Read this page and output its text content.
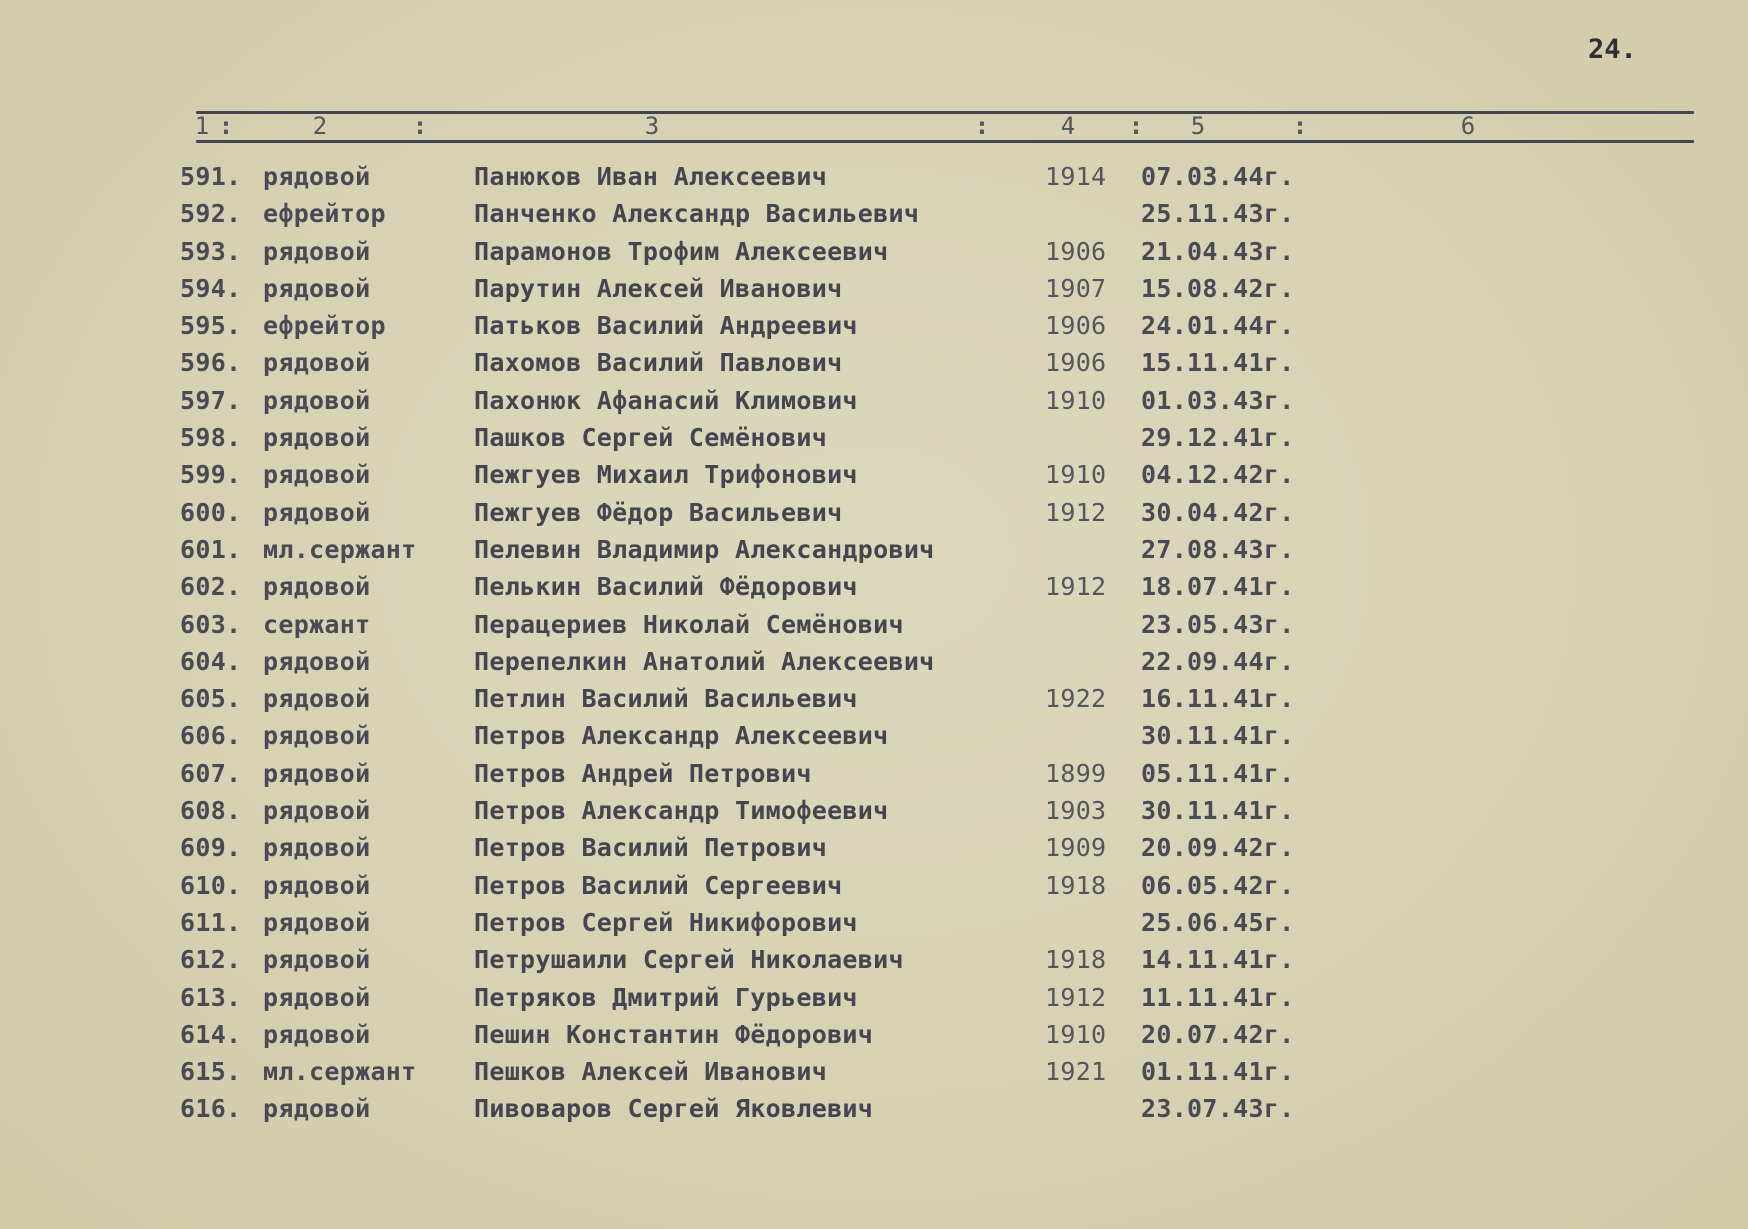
24.
1 :	2	:	3	:	4 : 5	:	6
591. рядовой	Панюков Иван Алексеевич	1914 07.03.44г.
592. ефрейтор	Панченко Александр Васильевич	25.11.43г.
593. рядовой	Парамонов Трофим Алексеевич	1906 21.04.43г.
594. рядовой	Парутин Алексей Иванович	1907 15.08.42г.
595. ефрейтор	Патьков Василий Андреевич	1906 24.01.44г.
596. рядовой	Пахомов Василий Павлович	1906 15.11.41г.
597. рядовой	Пахонюк Афанасий Климович	1910 01.03.43г.
598. рядовой	Пашков Сергей Семёнович	29.12.41г.
599. рядовой	Пежгуев Михаил Трифонович	1910 04.12.42г.
600. рядовой	Пежгуев Фёдор Васильевич	1912 30.04.42г.
601. мл.сержант Пелевин Владимир Александрович	27.08.43г.
602. рядовой	Пелькин Василий Фёдорович	1912 18.07.41г.
603. сержант	Перацериев Николай Семёнович	23.05.43г.
604. рядовой	Перепелкин Анатолий Алексеевич	22.09.44г.
605. рядовой	Петлин Василий Васильевич	1922 16.11.41г.
606. рядовой	Петров Александр Алексеевич	30.11.41г.
607. рядовой	Петров Андрей Петрович	1899 05.11.41г.
608. рядовой	Петров Александр Тимофеевич	1903 30.11.41г.
609. рядовой	Петров Василий Петрович	1909 20.09.42г.
610. рядовой	Петров Василий Сергеевич	1918 06.05.42г.
611. рядовой	Петров Сергей Никифорович	25.06.45г.
612. рядовой	Петрушаили Сергей Николаевич	1918 14.11.41г.
613. рядовой	Петряков Дмитрий Гурьевич	1912 11.11.41г.
614. рядовой	Пешин Константин Фёдорович	1910 20.07.42г.
615. мл.сержант Пешков Алексей Иванович	1921 01.11.41г.
616. рядовой	Пивоваров Сергей Яковлевич	23.07.43г.
